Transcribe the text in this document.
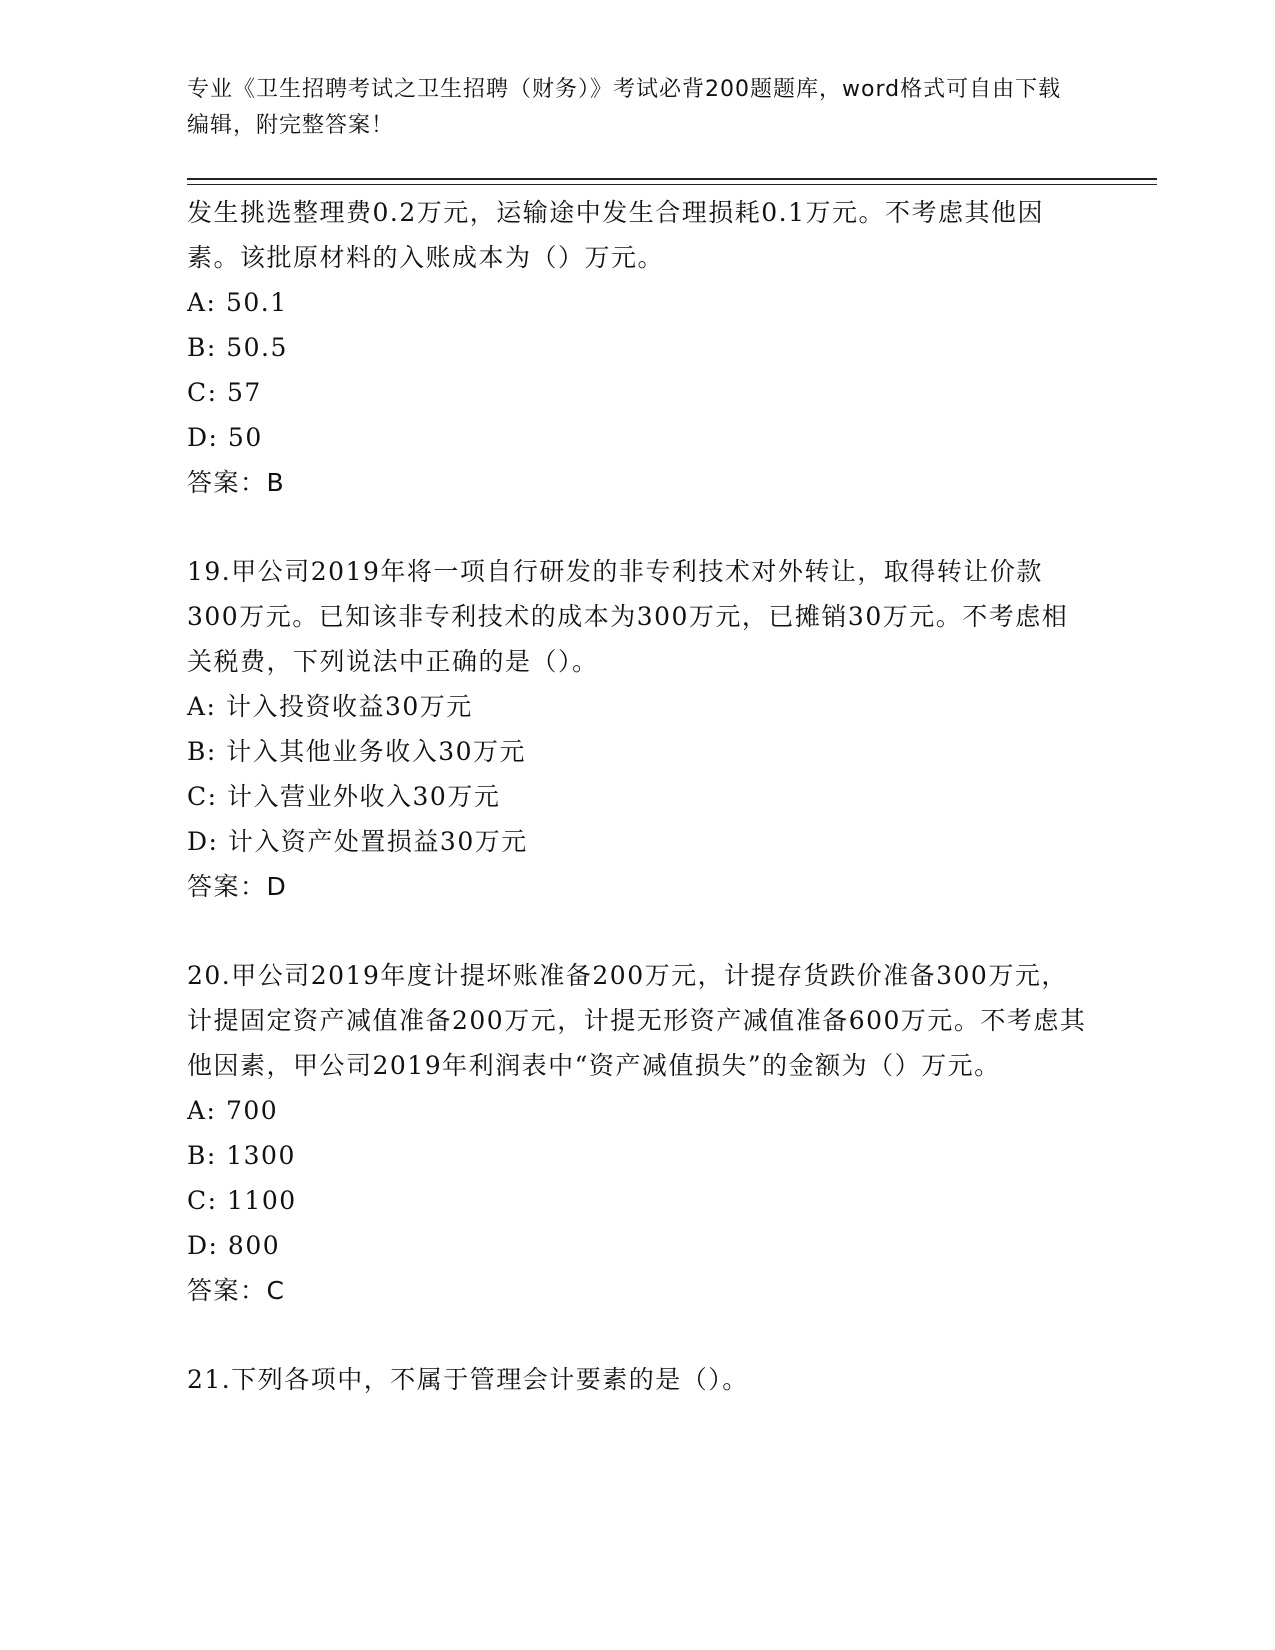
专业《卫生招聘考试之卫生招聘（财务）》考试必背200题题库，word格式可自由下载编辑，附完整答案！

发生挑选整理费0.2万元，运输途中发生合理损耗0.1万元。不考虑其他因素。该批原材料的入账成本为（）万元。

A: 50.1

B: 50.5

C: 57

D: 50

答案：B

19.甲公司2019年将一项自行研发的非专利技术对外转让，取得转让价款300万元。已知该非专利技术的成本为300万元，已摊销30万元。不考虑相关税费，下列说法中正确的是（）。

A: 计入投资收益30万元

B: 计入其他业务收入30万元

C: 计入营业外收入30万元

D: 计入资产处置损益30万元

答案：D

20.甲公司2019年度计提坏账准备200万元，计提存货跌价准备300万元，计提固定资产减值准备200万元，计提无形资产减值准备600万元。不考虑其他因素，甲公司2019年利润表中“资产减值损失”的金额为（）万元。

A: 700

B: 1300

C: 1100

D: 800

答案：C

21.下列各项中，不属于管理会计要素的是（）。
